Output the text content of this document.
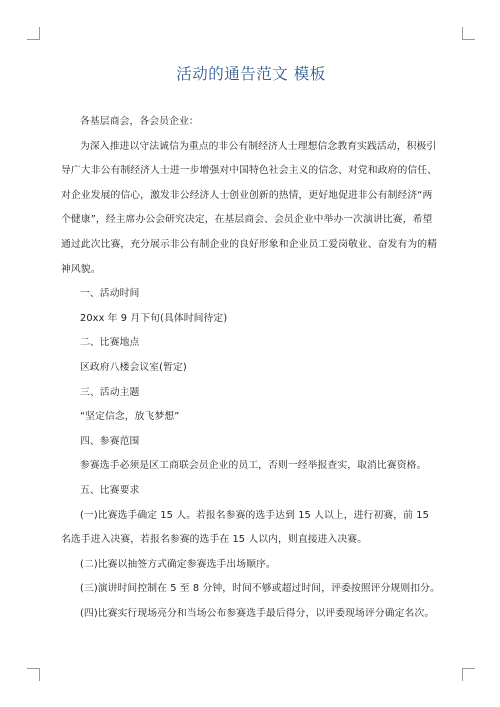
活动的通告范文 模板

各基层商会，各会员企业：

为深入推进以守法诚信为重点的非公有制经济人士理想信念教育实践活动，积极引导广大非公有制经济人士进一步增强对中国特色社会主义的信念、对党和政府的信任、对企业发展的信心，激发非公经济人士创业创新的热情，更好地促进非公有制经济“两个健康”，经主席办公会研究决定，在基层商会、会员企业中举办一次演讲比赛，希望通过此次比赛，充分展示非公有制企业的良好形象和企业员工爱岗敬业、奋发有为的精神风貌。

一、活动时间

20xx 年 9 月下旬(具体时间待定)

二、比赛地点

区政府八楼会议室(暂定)

三、活动主题

“坚定信念，放飞梦想”

四、参赛范围

参赛选手必须是区工商联会员企业的员工，否则一经举报查实，取消比赛资格。

五、比赛要求

(一)比赛选手确定 15 人。若报名参赛的选手达到 15 人以上，进行初赛，前 15 名选手进入决赛，若报名参赛的选手在 15 人以内，则直接进入决赛。

(二)比赛以抽签方式确定参赛选手出场顺序。

(三)演讲时间控制在 5 至 8 分钟，时间不够或超过时间，评委按照评分规则扣分。

(四)比赛实行现场亮分和当场公布参赛选手最后得分，以评委现场评分确定名次。
